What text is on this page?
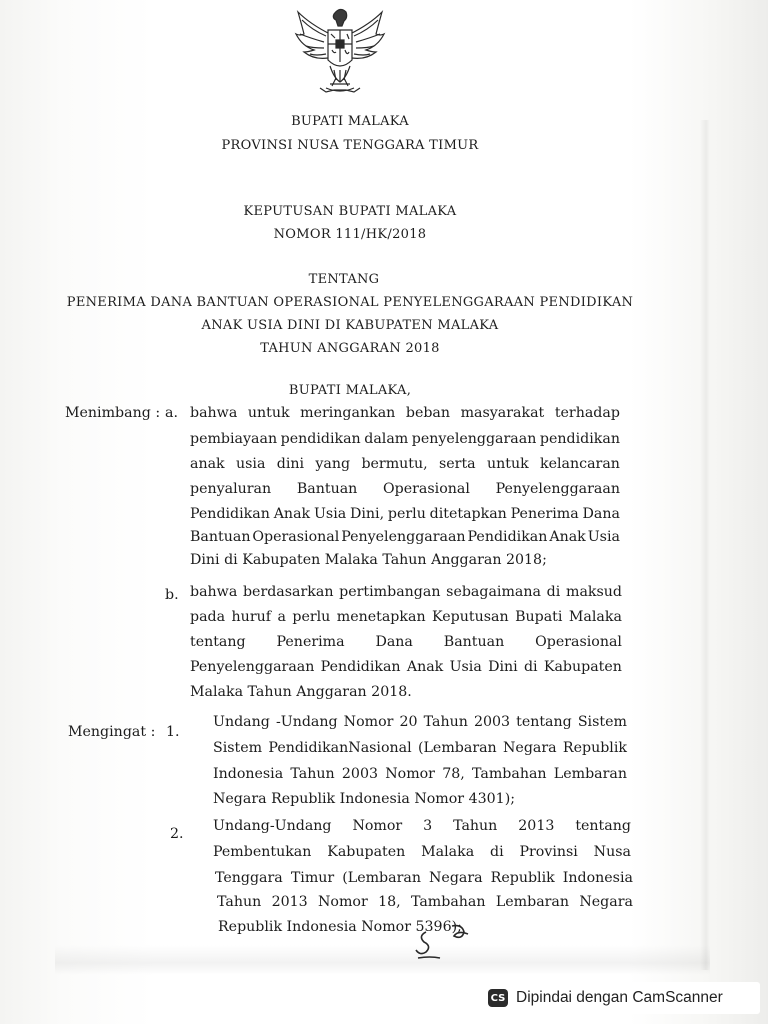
BUPATI MALAKA
PROVINSI NUSA TENGGARA TIMUR
KEPUTUSAN BUPATI MALAKA
NOMOR 111/HK/2018
TENTANG
PENERIMA DANA BANTUAN OPERASIONAL PENYELENGGARAAN PENDIDIKAN
ANAK USIA DINI DI KABUPATEN MALAKA
TAHUN ANGGARAN 2018
BUPATI MALAKA,
Menimbang : a. bahwa untuk meringankan beban masyarakat terhadap
pembiayaan pendidikan dalam penyelenggaraan pendidikan
anak usia dini yang bermutu, serta untuk kelancaran
penyaluran Bantuan Operasional Penyelenggaraan
Pendidikan Anak Usia Dini, perlu ditetapkan Penerima Dana
Bantuan Operasional Penyelenggaraan Pendidikan Anak Usia
Dini di Kabupaten Malaka Tahun Anggaran 2018;
b. bahwa berdasarkan pertimbangan sebagaimana di maksud
pada huruf a perlu menetapkan Keputusan Bupati Malaka
tentang Penerima Dana Bantuan Operasional
Penyelenggaraan Pendidikan Anak Usia Dini di Kabupaten
Malaka Tahun Anggaran 2018.
Mengingat : 1.
Undang -Undang Nomor 20 Tahun 2003 tentang Sistem
Sistem PendidikanNasional (Lembaran Negara Republik
Indonesia Tahun 2003 Nomor 78, Tambahan Lembaran
Negara Republik Indonesia Nomor 4301);
2. Undang-Undang Nomor 3 Tahun 2013 tentang
Pembentukan Kabupaten Malaka di Provinsi Nusa
Tenggara Timur (Lembaran Negara Republik Indonesia
Tahun 2013 Nomor 18, Tambahan Lembaran Negara
Republik Indonesia Nomor 5396);
CS Dipindai dengan CamScanner
